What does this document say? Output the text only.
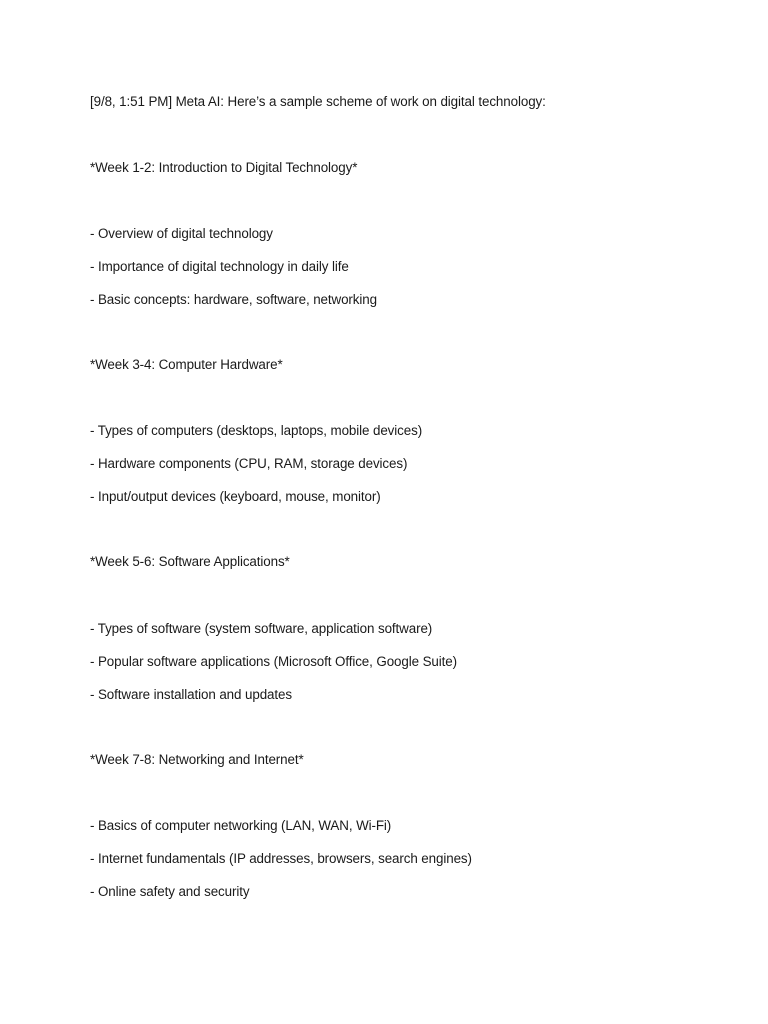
[9/8, 1:51 PM] Meta AI: Here’s a sample scheme of work on digital technology:
*Week 1-2: Introduction to Digital Technology*
- Overview of digital technology
- Importance of digital technology in daily life
- Basic concepts: hardware, software, networking
*Week 3-4: Computer Hardware*
- Types of computers (desktops, laptops, mobile devices)
- Hardware components (CPU, RAM, storage devices)
- Input/output devices (keyboard, mouse, monitor)
*Week 5-6: Software Applications*
- Types of software (system software, application software)
- Popular software applications (Microsoft Office, Google Suite)
- Software installation and updates
*Week 7-8: Networking and Internet*
- Basics of computer networking (LAN, WAN, Wi-Fi)
- Internet fundamentals (IP addresses, browsers, search engines)
- Online safety and security
